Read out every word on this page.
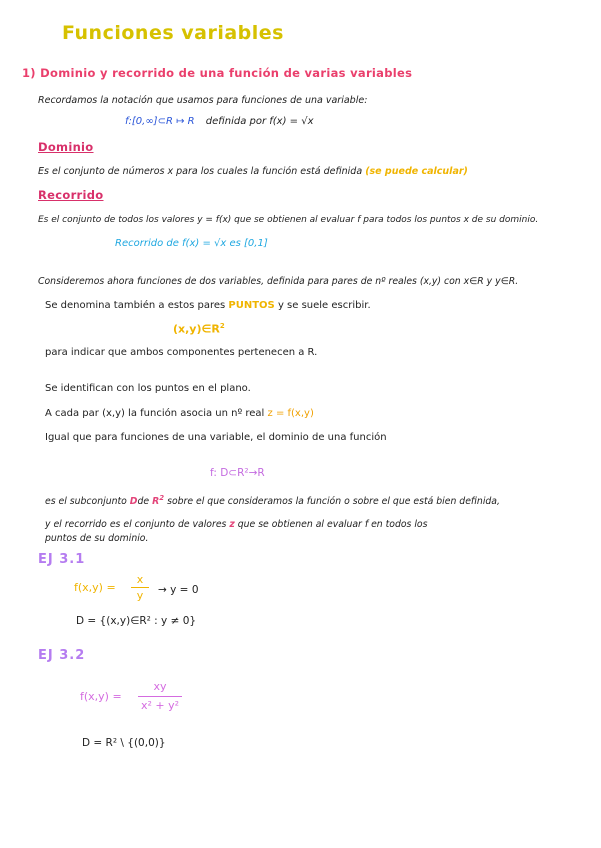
Funciones variables
1) Dominio y recorrido de una función de varias variables
Recordamos la notación que usamos para funciones de una variable:
f:[0,∞]⊂R ↦ R definida por f(x) = √x
Dominio
Es el conjunto de números x para los cuales la función está definida (se puede calcular)
Recorrido
Es el conjunto de todos los valores y = f(x) que se obtienen al evaluar f para todos los puntos x de su dominio.
Recorrido de f(x) = √x es [0,1]
Consideremos ahora funciones de dos variables, definida para pares de nº reales (x,y) con x∈R y y∈R.
Se denomina también a estos pares PUNTOS y se suele escribir.
$(x,y)\in R^2$
para indicar que ambos componentes pertenecen a R.
Se identifican con los puntos en el plano.
A cada par (x,y) la función asocia un nº real z = f(x,y)
Igual que para funciones de una variable, el dominio de una función
f: D⊂R²→R
es el subconjunto Dde $R^2$ sobre el que consideramos la función o sobre el que está bien definida,
y el recorrido es el conjunto de valores z que se obtienen al evaluar f en todos los
puntos de su dominio.
EJ 3.1
f(x,y) =
x
y → y = 0
D = {(x,y)∈R² : y ≠ 0}
EJ 3.2
f(x,y) =
xy
x² + y²
D = R² \ {(0,0)}
